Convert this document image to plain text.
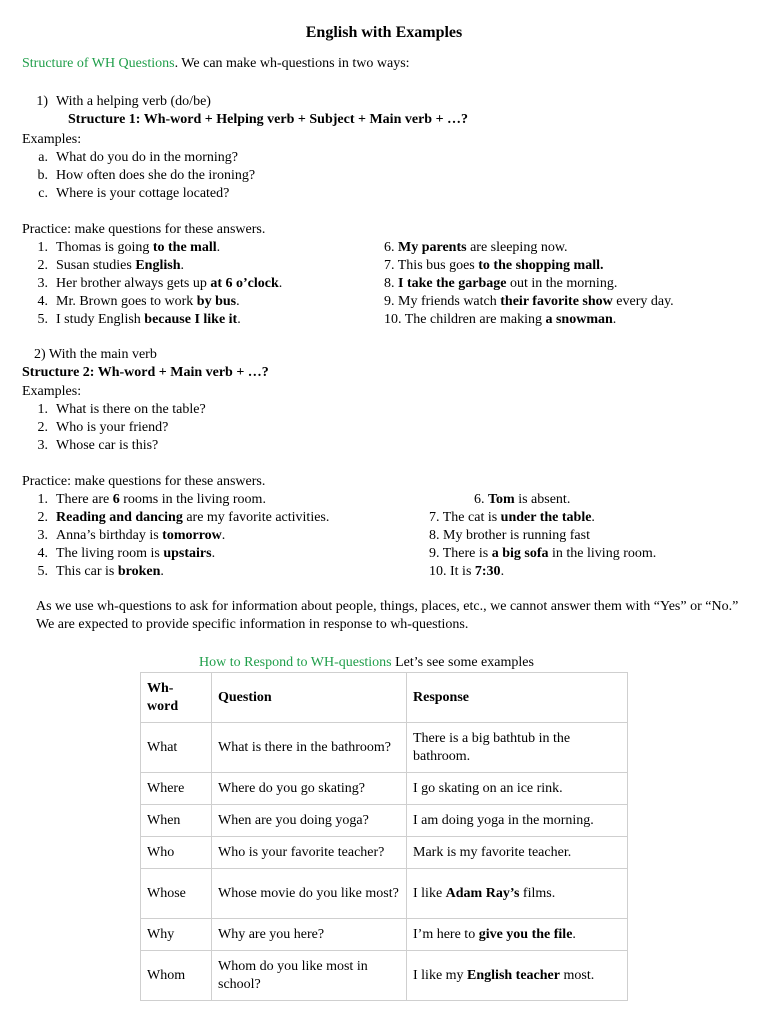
English with Examples
Structure of WH Questions. We can make wh-questions in two ways:
1) With a helping verb (do/be)
Structure 1: Wh-word + Helping verb + Subject + Main verb + …?
Examples:
a. What do you do in the morning?
b. How often does she do the ironing?
c. Where is your cottage located?
Practice: make questions for these answers.
1. Thomas is going to the mall.
2. Susan studies English.
3. Her brother always gets up at 6 o’clock.
4. Mr. Brown goes to work by bus.
5. I study English because I like it.
6. My parents are sleeping now.
7. This bus goes to the shopping mall.
8. I take the garbage out in the morning.
9. My friends watch their favorite show every day.
10. The children are making a snowman.
2) With the main verb
Structure 2: Wh-word + Main verb + …?
Examples:
1. What is there on the table?
2. Who is your friend?
3. Whose car is this?
Practice: make questions for these answers.
1. There are 6 rooms in the living room.
2. Reading and dancing are my favorite activities.
3. Anna’s birthday is tomorrow.
4. The living room is upstairs.
5. This car is broken.
6. Tom is absent.
7. The cat is under the table.
8. My brother is running fast
9. There is a big sofa in the living room.
10. It is 7:30.
As we use wh-questions to ask for information about people, things, places, etc., we cannot answer them with “Yes” or “No.” We are expected to provide specific information in response to wh-questions.
How to Respond to WH-questions Let’s see some examples
Wh-word	Question	Response
What	What is there in the bathroom?	There is a big bathtub in the bathroom.
Where	Where do you go skating?	I go skating on an ice rink.
When	When are you doing yoga?	I am doing yoga in the morning.
Who	Who is your favorite teacher?	Mark is my favorite teacher.
Whose	Whose movie do you like most?	I like Adam Ray’s films.
Why	Why are you here?	I’m here to give you the file.
Whom	Whom do you like most in school?	I like my English teacher most.
